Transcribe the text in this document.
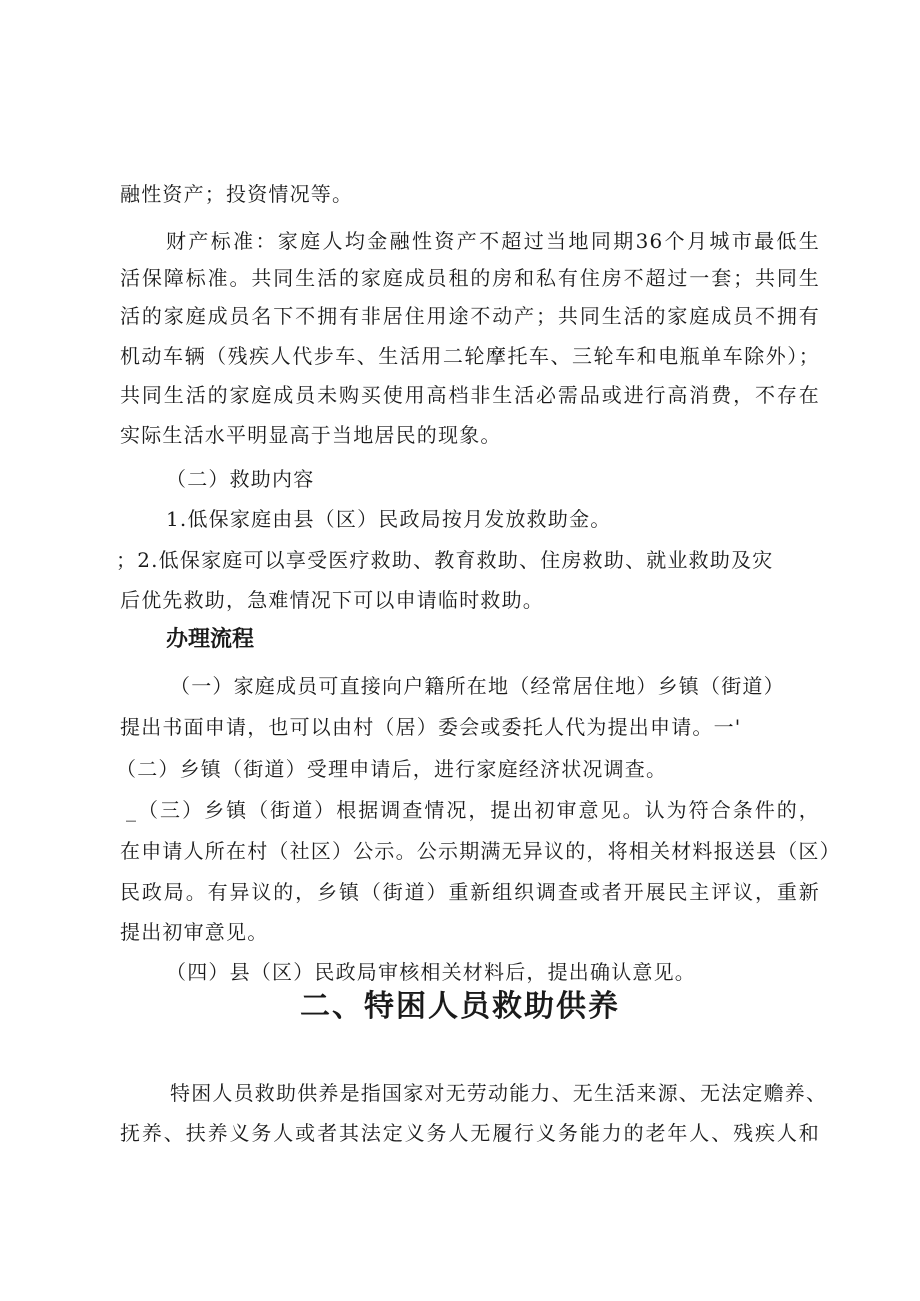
融性资产；投资情况等。
财产标准：家庭人均金融性资产不超过当地同期36个月城市最低生
活保障标准。共同生活的家庭成员租的房和私有住房不超过一套；共同生
活的家庭成员名下不拥有非居住用途不动产；共同生活的家庭成员不拥有
机动车辆（残疾人代步车、生活用二轮摩托车、三轮车和电瓶单车除外）；
共同生活的家庭成员未购买使用高档非生活必需品或进行高消费，不存在
实际生活水平明显高于当地居民的现象。
（二）救助内容
1.低保家庭由县（区）民政局按月发放救助金。
；2.低保家庭可以享受医疗救助、教育救助、住房救助、就业救助及灾
后优先救助，急难情况下可以申请临时救助。
办理流程
（一）家庭成员可直接向户籍所在地（经常居住地）乡镇（街道）
提出书面申请，也可以由村（居）委会或委托人代为提出申请。一'
（二）乡镇（街道）受理申请后，进行家庭经济状况调查。
_（三）乡镇（街道）根据调查情况，提出初审意见。认为符合条件的，
在申请人所在村（社区）公示。公示期满无异议的，将相关材料报送县（区）
民政局。有异议的，乡镇（街道）重新组织调查或者开展民主评议，重新
提出初审意见。
（四）县（区）民政局审核相关材料后，提出确认意见。
二、特困人员救助供养
特困人员救助供养是指国家对无劳动能力、无生活来源、无法定赡养、
抚养、扶养义务人或者其法定义务人无履行义务能力的老年人、残疾人和
